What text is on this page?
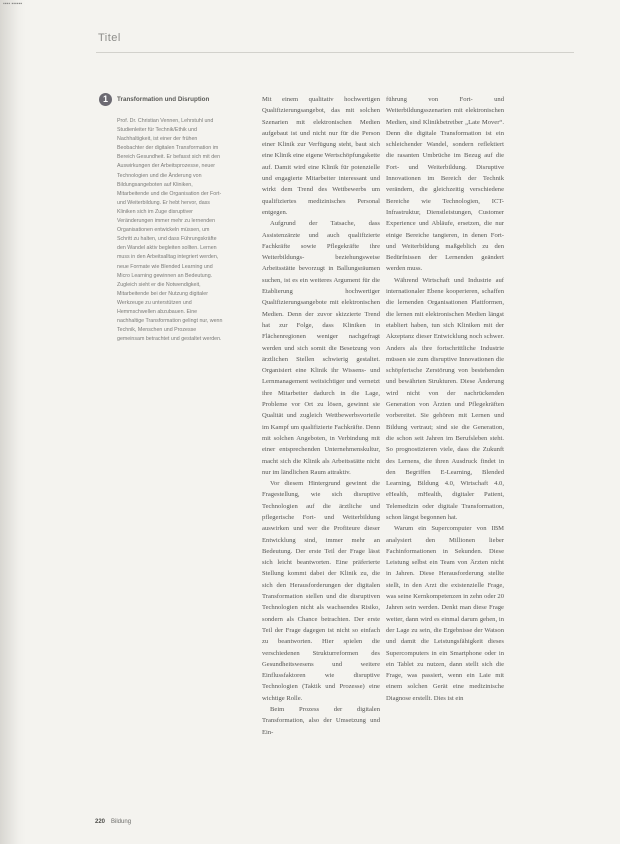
▪▪▪▪ ▪▪▪▪▪▪
Titel
1	Transformation und Disruption
Prof. Dr. Christian Vennen, Lehrstuhl und Studienleiter für Technik/Ethik und Nachhaltigkeit, ist einer der frühen Beobachter der digitalen Transformation im Bereich Gesundheit. Er befasst sich mit den Auswirkungen der Arbeitsprozesse, neuer Technologien und die Änderung von Bildungsangeboten auf Kliniken, Mitarbeitende und die Organisation der Fort- und Weiterbildung. Er hebt hervor, dass Kliniken sich im Zuge disruptiver Veränderungen immer mehr zu lernenden Organisationen entwickeln müssen, um Schritt zu halten, und dass Führungskräfte den Wandel aktiv begleiten sollten. Lernen muss in den Arbeitsalltag integriert werden, neue Formate wie Blended Learning und Micro Learning gewinnen an Bedeutung. Zugleich sieht er die Notwendigkeit, Mitarbeitende bei der Nutzung digitaler Werkzeuge zu unterstützen und Hemmschwellen abzubauen. Eine nachhaltige Transformation gelingt nur, wenn Technik, Menschen und Prozesse gemeinsam betrachtet und gestaltet werden.

Mit einem qualitativ hochwertigen Qualifizierungsangebot, das mit solchen Szenarien mit elektronischen Medien aufgebaut ist und nicht nur für die Person einer Klinik zur Verfügung steht, baut sich eine Klinik eine eigene Wertschöpfungskette auf. Damit wird eine Klinik für potenzielle und engagierte Mitarbeiter interessant und wirkt dem Trend des Wettbewerbs um qualifiziertes medizinisches Personal entgegen.

Aufgrund der Tatsache, dass Assistenzärzte und auch qualifizierte Fachkräfte sowie Pflegekräfte ihre Weiterbildungs- beziehungsweise Arbeitsstätte bevorzugt in Ballungsräumen suchen, ist es ein weiteres Argument für die Etablierung hochwertiger Qualifizierungsangebote mit elektronischen Medien. Denn der zuvor skizzierte Trend hat zur Folge, dass Kliniken in Flächenregionen weniger nachgefragt werden und sich somit die Besetzung von ärztlichen Stellen schwierig gestaltet. Organisiert eine Klinik ihr Wissens- und Lernmanagement weitsichtiger und vernetzt ihre Mitarbeiter dadurch in die Lage, Probleme vor Ort zu lösen, gewinnt sie Qualität und zugleich Wettbewerbsvorteile im Kampf um qualifizierte Fachkräfte. Denn mit solchen Angeboten, in Verbindung mit einer entsprechenden Unternehmenskultur, macht sich die Klinik als Arbeitsstätte nicht nur im ländlichen Raum attraktiv.

Vor diesem Hintergrund gewinnt die Fragestellung, wie sich disruptive Technologien auf die ärztliche und pflegerische Fort- und Weiterbildung auswirken und wer die Profiteure dieser Entwicklung sind, immer mehr an Bedeutung. Der erste Teil der Frage lässt sich leicht beantworten. Eine präferierte Stellung kommt dabei der Klinik zu, die sich den Herausforderungen der digitalen Transformation stellen und die disruptiven Technologien nicht als wachsendes Risiko, sondern als Chance betrachten. Der erste Teil der Frage dagegen ist nicht so einfach zu beantworten. Hier spielen die verschiedenen Strukturreformen des Gesundheitswesens und weitere Einflussfaktoren wie disruptive Technologien (Taktik und Prozesse) eine wichtige Rolle.

Beim Prozess der digitalen Transformation, also der Umsetzung und Ein-

führung von Fort- und Weiterbildungsszenarien mit elektronischen Medien, sind Klinikbetreiber „Late Mover“. Denn die digitale Transformation ist ein schleichender Wandel, sondern reflektiert die rasanten Umbrüche im Bezug auf die Fort- und Weiterbildung. Disruptive Innovationen im Bereich der Technik verändern, die gleichzeitig verschiedene Bereiche wie Technologien, ICT-Infrastruktur, Dienstleistungen, Customer Experience und Abläufe, ersetzen, die nur einige Bereiche tangieren, in denen Fort- und Weiterbildung maßgeblich zu den Bedürfnissen der Lernenden geändert werden muss.

Während Wirtschaft und Industrie auf internationaler Ebene kooperieren, schaffen die lernenden Organisationen Plattformen, die lernen mit elektronischen Medien längst etabliert haben, tun sich Kliniken mit der Akzeptanz dieser Entwicklung noch schwer. Anders als ihre fortschrittliche Industrie müssen sie zum disruptive Innovationen die schöpferische Zerstörung von bestehenden und bewährten Strukturen. Diese Änderung wird nicht von der nachrückenden Generation von Ärzten und Pflegekräften vorbereitet. Sie gehören mit Lernen und Bildung vertraut; sind sie die Generation, die schon seit Jahren im Berufsleben steht. So prognostizieren viele, dass die Zukunft des Lernens, die ihren Ausdruck findet in den Begriffen E-Learning, Blended Learning, Bildung 4.0, Wirtschaft 4.0, eHealth, mHealth, digitaler Patient, Telemedizin oder digitale Transformation, schon längst begonnen hat.

Warum ein Supercomputer von IBM analysiert den Millionen lieber Fachinformationen in Sekunden. Diese Leistung selbst ein Team von Ärzten nicht in Jahren. Diese Herausforderung stellte stellt, in den Arzt die existenzielle Frage, was seine Kernkompetenzen in zehn oder 20 Jahren sein werden. Denkt man diese Frage weiter, dann wird es einmal darum gehen, in der Lage zu sein, die Ergebnisse der Watson und damit die Leistungsfähigkeit dieses Supercomputers in ein Smartphone oder in ein Tablet zu nutzen, dann stellt sich die Frage, was passiert, wenn ein Laie mit einem solchen Gerät eine medizinische Diagnose erstellt. Dies ist ein

220 Bildung
